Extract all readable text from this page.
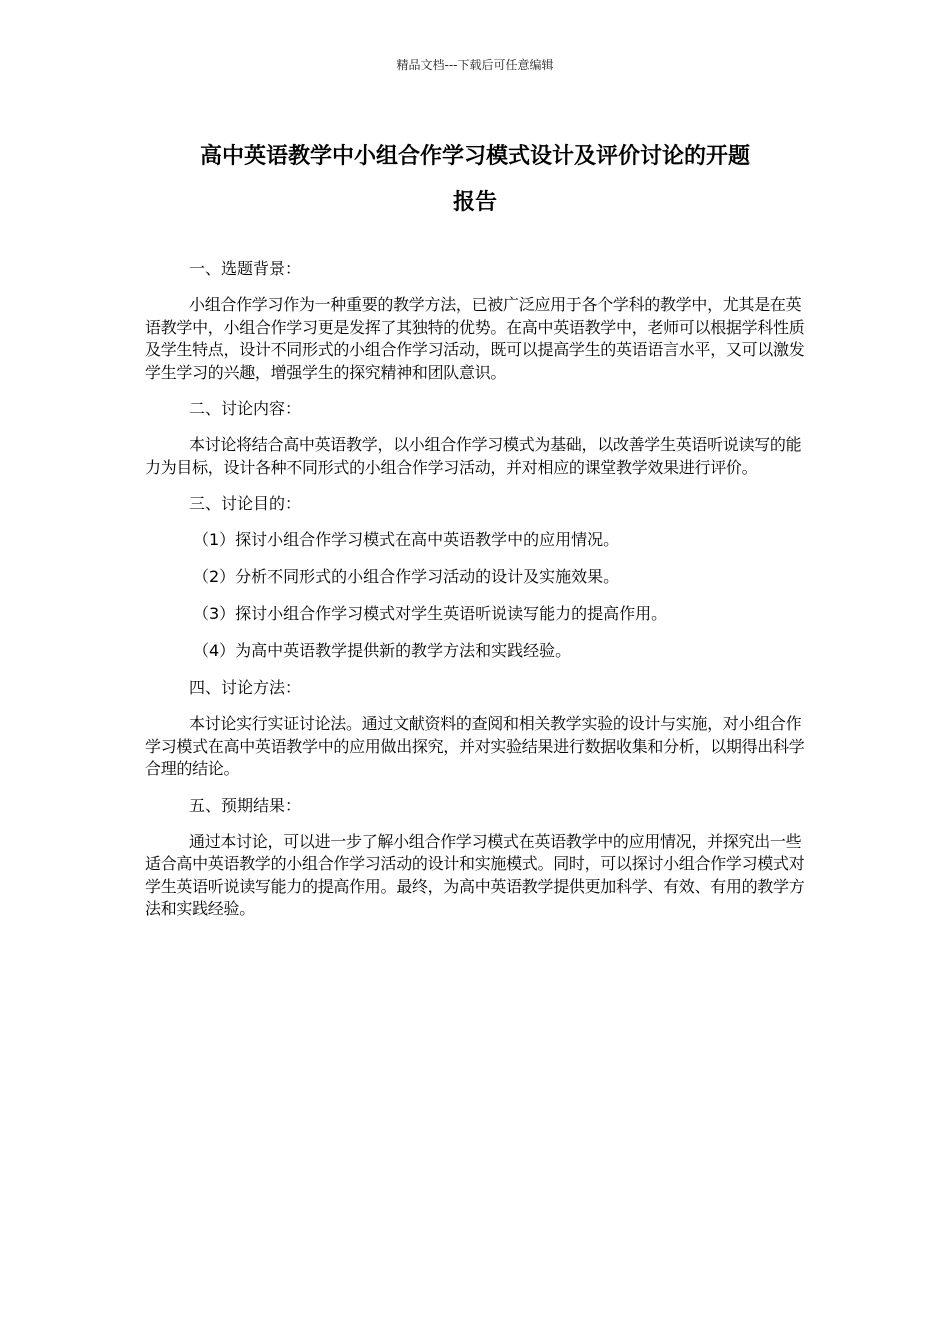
精品文档---下载后可任意编辑
高中英语教学中小组合作学习模式设计及评价讨论的开题
报告

一、选题背景：

小组合作学习作为一种重要的教学方法，已被广泛应用于各个学科的教学中，尤其是在英语教学中，小组合作学习更是发挥了其独特的优势。在高中英语教学中，老师可以根据学科性质及学生特点，设计不同形式的小组合作学习活动，既可以提高学生的英语语言水平，又可以激发学生学习的兴趣，增强学生的探究精神和团队意识。

二、讨论内容：

本讨论将结合高中英语教学，以小组合作学习模式为基础，以改善学生英语听说读写的能力为目标，设计各种不同形式的小组合作学习活动，并对相应的课堂教学效果进行评价。

三、讨论目的：

（1）探讨小组合作学习模式在高中英语教学中的应用情况。

（2）分析不同形式的小组合作学习活动的设计及实施效果。

（3）探讨小组合作学习模式对学生英语听说读写能力的提高作用。

（4）为高中英语教学提供新的教学方法和实践经验。

四、讨论方法：

本讨论实行实证讨论法。通过文献资料的查阅和相关教学实验的设计与实施，对小组合作学习模式在高中英语教学中的应用做出探究，并对实验结果进行数据收集和分析，以期得出科学合理的结论。

五、预期结果：

通过本讨论，可以进一步了解小组合作学习模式在英语教学中的应用情况，并探究出一些适合高中英语教学的小组合作学习活动的设计和实施模式。同时，可以探讨小组合作学习模式对学生英语听说读写能力的提高作用。最终，为高中英语教学提供更加科学、有效、有用的教学方法和实践经验。
